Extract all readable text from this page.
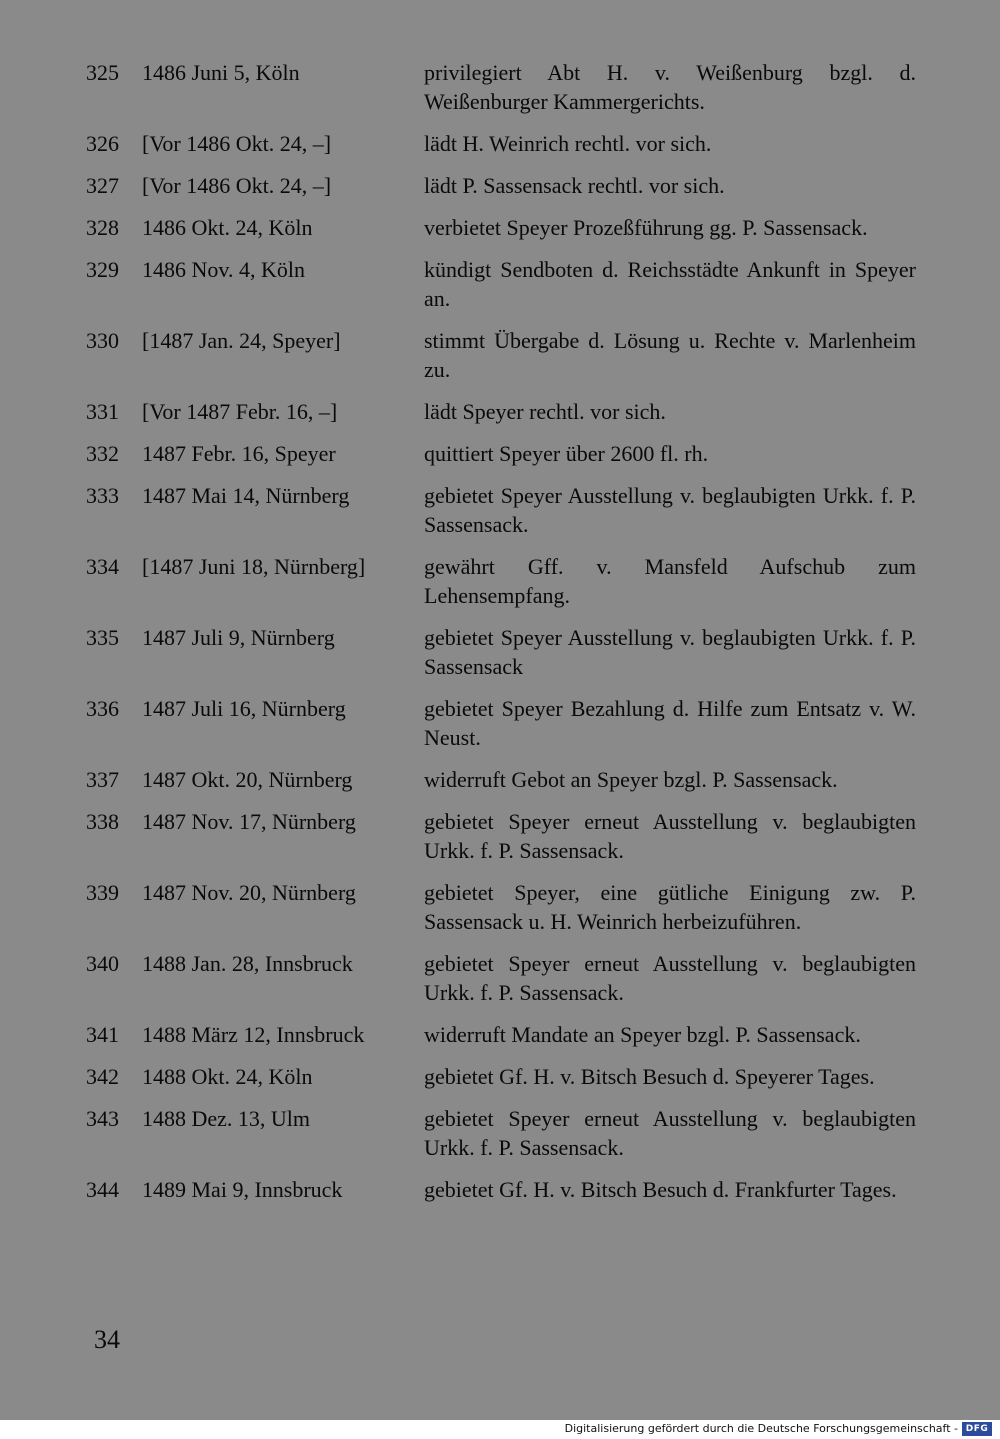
325	1486 Juni 5, Köln	privilegiert Abt H. v. Weißenburg bzgl. d. Weißenburger Kammergerichts.
326	[Vor 1486 Okt. 24, –]	lädt H. Weinrich rechtl. vor sich.
327	[Vor 1486 Okt. 24, –]	lädt P. Sassensack rechtl. vor sich.
328	1486 Okt. 24, Köln	verbietet Speyer Prozeßführung gg. P. Sassensack.
329	1486 Nov. 4, Köln	kündigt Sendboten d. Reichsstädte Ankunft in Speyer an.
330	[1487 Jan. 24, Speyer]	stimmt Übergabe d. Lösung u. Rechte v. Marlenheim zu.
331	[Vor 1487 Febr. 16, –]	lädt Speyer rechtl. vor sich.
332	1487 Febr. 16, Speyer	quittiert Speyer über 2600 fl. rh.
333	1487 Mai 14, Nürnberg	gebietet Speyer Ausstellung v. beglaubigten Urkk. f. P. Sassensack.
334	[1487 Juni 18, Nürnberg]	gewährt Gff. v. Mansfeld Aufschub zum Lehensempfang.
335	1487 Juli 9, Nürnberg	gebietet Speyer Ausstellung v. beglaubigten Urkk. f. P. Sassensack
336	1487 Juli 16, Nürnberg	gebietet Speyer Bezahlung d. Hilfe zum Entsatz v. W. Neust.
337	1487 Okt. 20, Nürnberg	widerruft Gebot an Speyer bzgl. P. Sassensack.
338	1487 Nov. 17, Nürnberg	gebietet Speyer erneut Ausstellung v. beglaubigten Urkk. f. P. Sassensack.
339	1487 Nov. 20, Nürnberg	gebietet Speyer, eine gütliche Einigung zw. P. Sassensack u. H. Weinrich herbeizuführen.
340	1488 Jan. 28, Innsbruck	gebietet Speyer erneut Ausstellung v. beglaubigten Urkk. f. P. Sassensack.
341	1488 März 12, Innsbruck	widerruft Mandate an Speyer bzgl. P. Sassensack.
342	1488 Okt. 24, Köln	gebietet Gf. H. v. Bitsch Besuch d. Speyerer Tages.
343	1488 Dez. 13, Ulm	gebietet Speyer erneut Ausstellung v. beglaubigten Urkk. f. P. Sassensack.
344	1489 Mai 9, Innsbruck	gebietet Gf. H. v. Bitsch Besuch d. Frankfurter Tages.
34
Digitalisierung gefördert durch die Deutsche Forschungsgemeinschaft - DFG
